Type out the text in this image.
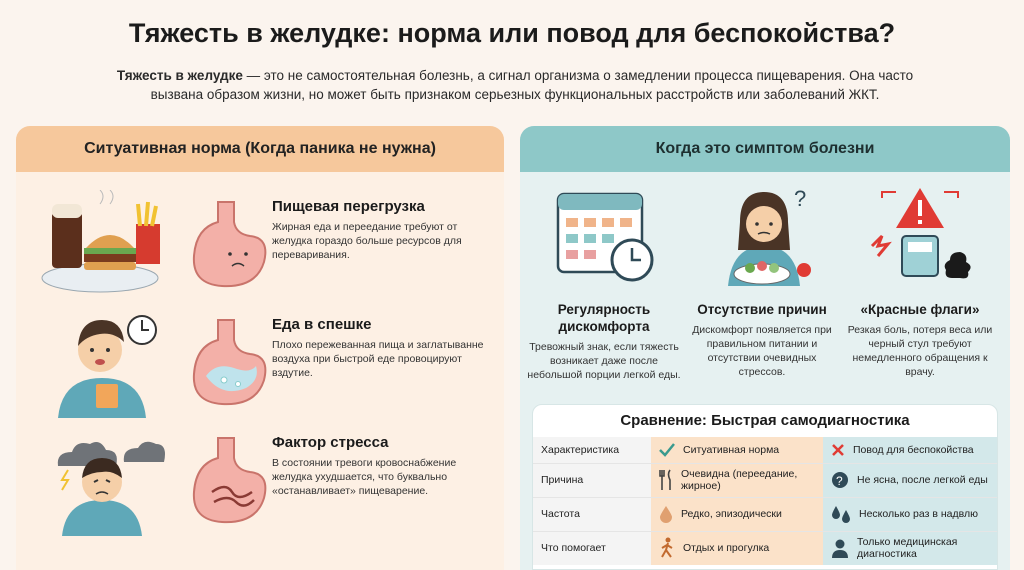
Тяжесть в желудке: норма или повод для беспокойства?
Тяжесть в желудке — это не самостоятельная болезнь, а сигнал организма о замедлении процесса пищеварения. Она часто вызвана образом жизни, но может быть признаком серьезных функциональных расстройств или заболеваний ЖКТ.
Ситуативная норма (Когда паника не нужна)
Пищевая перегрузка

Жирная еда и переедание требуют от желудка гораздо больше ресурсов для переваривания.

Еда в спешке

Плохо пережеванная пища и заглатыванне воздуха при быстрой еде провоцируют вздутие.

Фактор стресса

В состоянии тревоги кровоснабжение желудка ухудшается, что буквально «останавливает» пищеварение.

Когда это симптом болезни
Регулярность дискомфорта

Тревожный знак, если тяжесть возникает даже после небольшой порции легкой еды.

?
Отсутствие причин

Дискомфорт появляется при правильном питании и отсутствии очевидных стрессов.

«Красные флаги»

Резкая боль, потеря веса или черный стул требуют немедленного обращения к врачу.

Сравнение: Быстрая самодиагностика
Характеристика	Ситуативная норма	Повод для беспокойства

Причина	Очевидна (переедание, жирное)	? Не ясна, после легкой еды

Частота	Редко, эпизодически	Несколько раз в надвлю

Что помогает	Отдых и прогулка	Только медицинская диагностика
